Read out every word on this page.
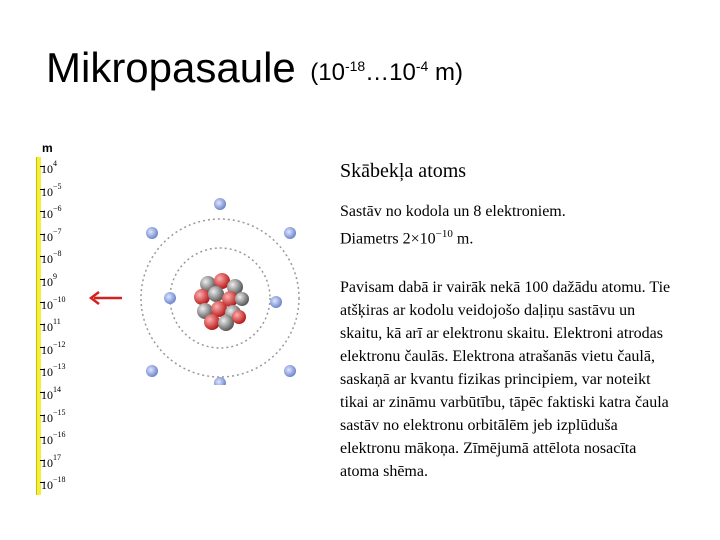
Mikropasaule ($10^{-18}\dots 10^{-4}$ m)
m
$10^4$
$10^{-5}$
$10^{-6}$
$10^{-7}$
$10^{-8}$
$10^9$
$10^{-10}$
$10^{11}$
$10^{-12}$
$10^{-13}$
$10^{14}$
$10^{-15}$
$10^{-16}$
$10^{17}$
$10^{-18}$
Skābekļa atoms
Sastāv no kodola un 8 elektroniem.
Diametrs $2\times 10^{-10}$ m.
Pavisam dabā ir vairāk nekā 100 dažādu atomu. Tie atšķiras ar kodolu veidojošo daļiņu sastāvu un skaitu, kā arī ar elektronu skaitu. Elektroni atrodas elektronu čaulās. Elektrona atrašanās vietu čaulā, saskaņā ar kvantu fizikas principiem, var noteikt tikai ar zināmu varbūtību, tāpēc faktiski katra čaula sastāv no elektronu orbitālēm jeb izplūduša elektronu mākoņa. Zīmējumā attēlota nosacīta atoma shēma.
